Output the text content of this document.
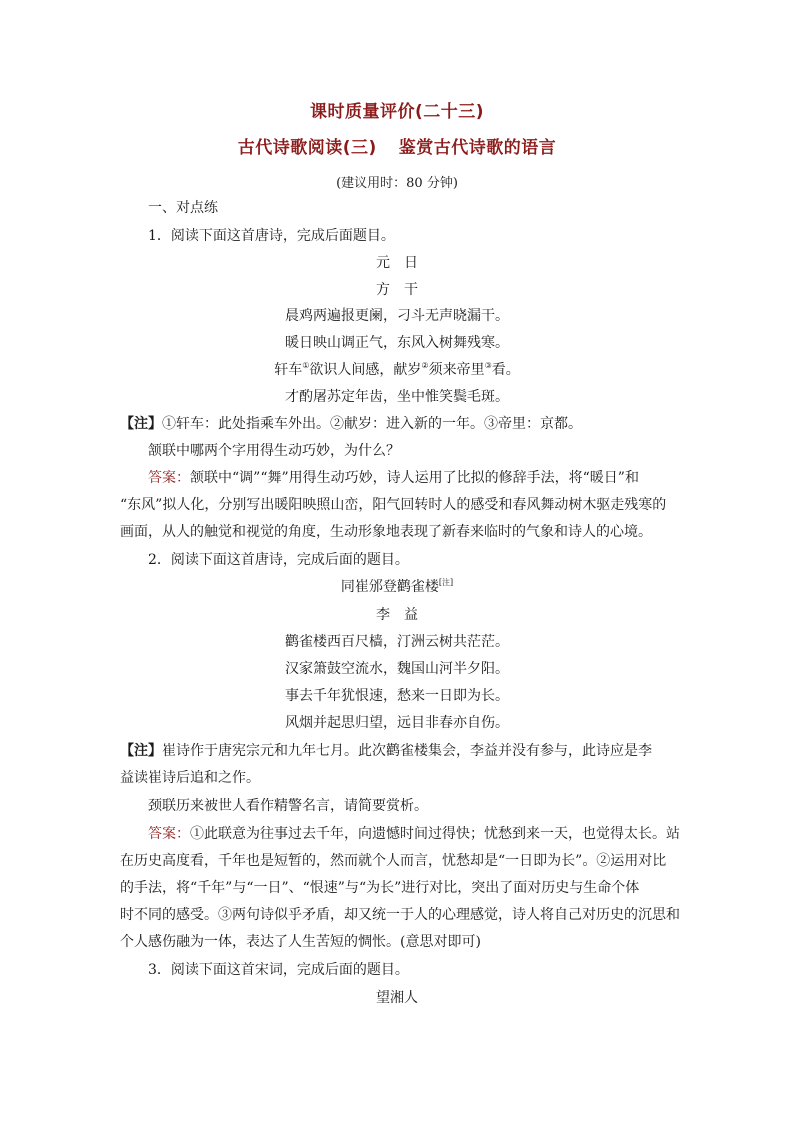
课时质量评价(二十三)
古代诗歌阅读(三) 鉴赏古代诗歌的语言
(建议用时：80 分钟)
一、对点练
1．阅读下面这首唐诗，完成后面题目。
元　日
方　干
晨鸡两遍报更阑，刁斗无声晓漏干。
暖日映山调正气，东风入树舞残寒。
轩车①欲识人间感，献岁②须来帝里③看。
才酌屠苏定年齿，坐中惟笑鬓毛斑。
【注】①轩车：此处指乘车外出。②献岁：进入新的一年。③帝里：京都。
颔联中哪两个字用得生动巧妙，为什么？
答案：颔联中“调”“舞”用得生动巧妙，诗人运用了比拟的修辞手法，将“暖日”和
“东风”拟人化，分别写出暖阳映照山峦，阳气回转时人的感受和春风舞动树木驱走残寒的
画面，从人的触觉和视觉的角度，生动形象地表现了新春来临时的气象和诗人的心境。
2．阅读下面这首唐诗，完成后面的题目。
同崔邠登鹳雀楼[注]
李　益
鹳雀楼西百尺樯，汀洲云树共茫茫。
汉家箫鼓空流水，魏国山河半夕阳。
事去千年犹恨速，愁来一日即为长。
风烟并起思归望，远目非春亦自伤。
【注】崔诗作于唐宪宗元和九年七月。此次鹳雀楼集会，李益并没有参与，此诗应是李
益读崔诗后追和之作。
颈联历来被世人看作精警名言，请简要赏析。
答案：①此联意为往事过去千年，向遗憾时间过得快；忧愁到来一天，也觉得太长。站
在历史高度看，千年也是短暂的，然而就个人而言，忧愁却是“一日即为长”。②运用对比
的手法，将“千年”与“一日”、“恨速”与“为长”进行对比，突出了面对历史与生命个体
时不同的感受。③两句诗似乎矛盾，却又统一于人的心理感觉，诗人将自己对历史的沉思和
个人感伤融为一体，表达了人生苦短的惆怅。(意思对即可)
3．阅读下面这首宋词，完成后面的题目。
望湘人
